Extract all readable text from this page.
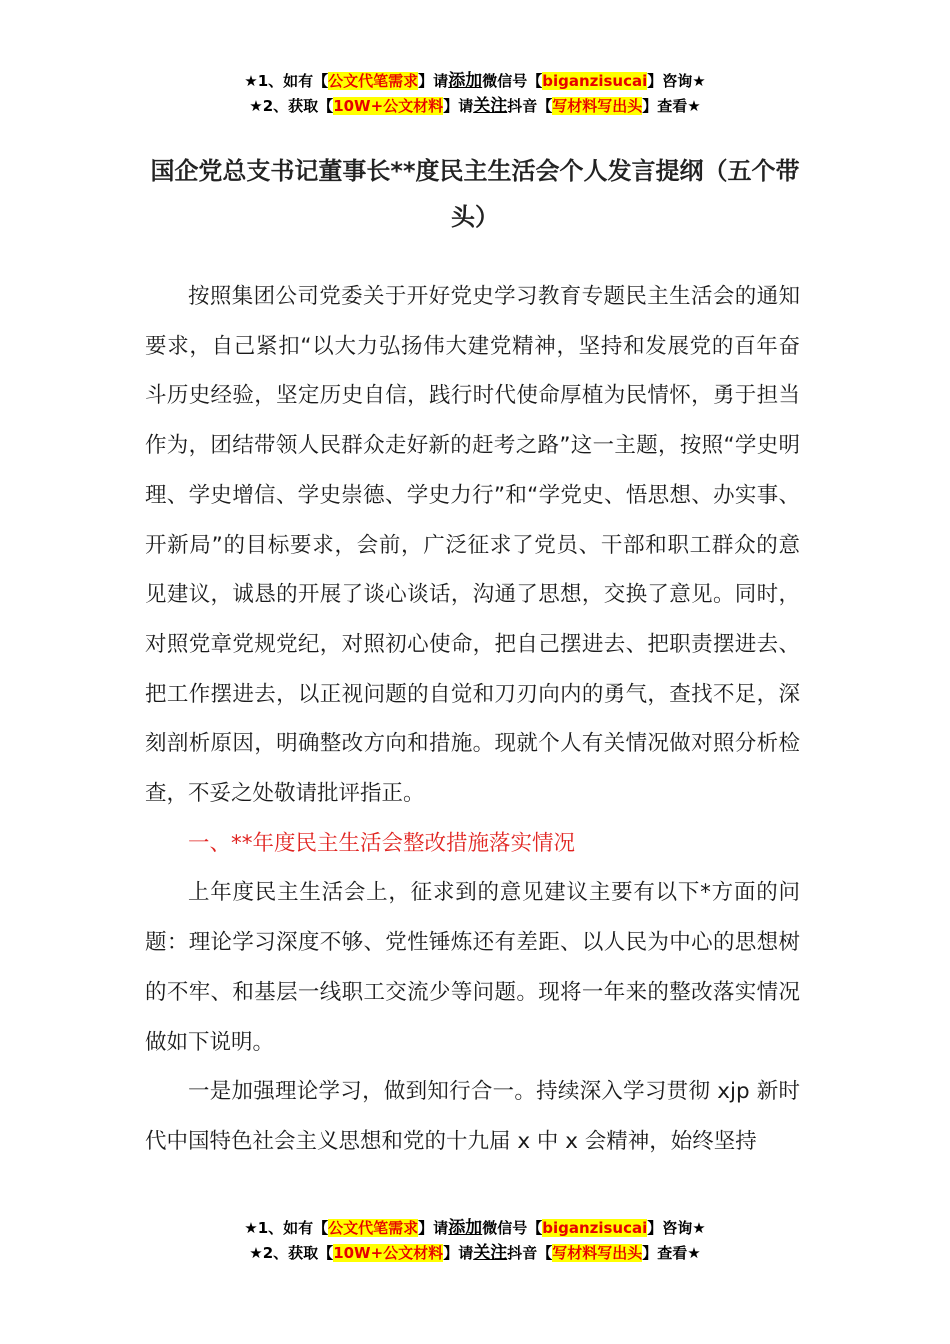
★1、如有【公文代笔需求】请添加微信号【biganzisucai】咨询★
★2、获取【10W+公文材料】请关注抖音【写材料写出头】查看★
国企党总支书记董事长**度民主生活会个人发言提纲（五个带头）

按照集团公司党委关于开好党史学习教育专题民主生活会的通知要求，自己紧扣“以大力弘扬伟大建党精神，坚持和发展党的百年奋斗历史经验，坚定历史自信，践行时代使命厚植为民情怀，勇于担当作为，团结带领人民群众走好新的赶考之路”这一主题，按照“学史明理、学史增信、学史崇德、学史力行”和“学党史、悟思想、办实事、开新局”的目标要求，会前，广泛征求了党员、干部和职工群众的意见建议，诚恳的开展了谈心谈话，沟通了思想，交换了意见。同时，对照党章党规党纪，对照初心使命，把自己摆进去、把职责摆进去、把工作摆进去，以正视问题的自觉和刀刃向内的勇气，查找不足，深刻剖析原因，明确整改方向和措施。现就个人有关情况做对照分析检查，不妥之处敬请批评指正。

一、**年度民主生活会整改措施落实情况

上年度民主生活会上，征求到的意见建议主要有以下*方面的问题：理论学习深度不够、党性锤炼还有差距、以人民为中心的思想树的不牢、和基层一线职工交流少等问题。现将一年来的整改落实情况做如下说明。

一是加强理论学习，做到知行合一。持续深入学习贯彻 xjp 新时代中国特色社会主义思想和党的十九届 x 中 x 会精神，始终坚持

★1、如有【公文代笔需求】请添加微信号【biganzisucai】咨询★
★2、获取【10W+公文材料】请关注抖音【写材料写出头】查看★
